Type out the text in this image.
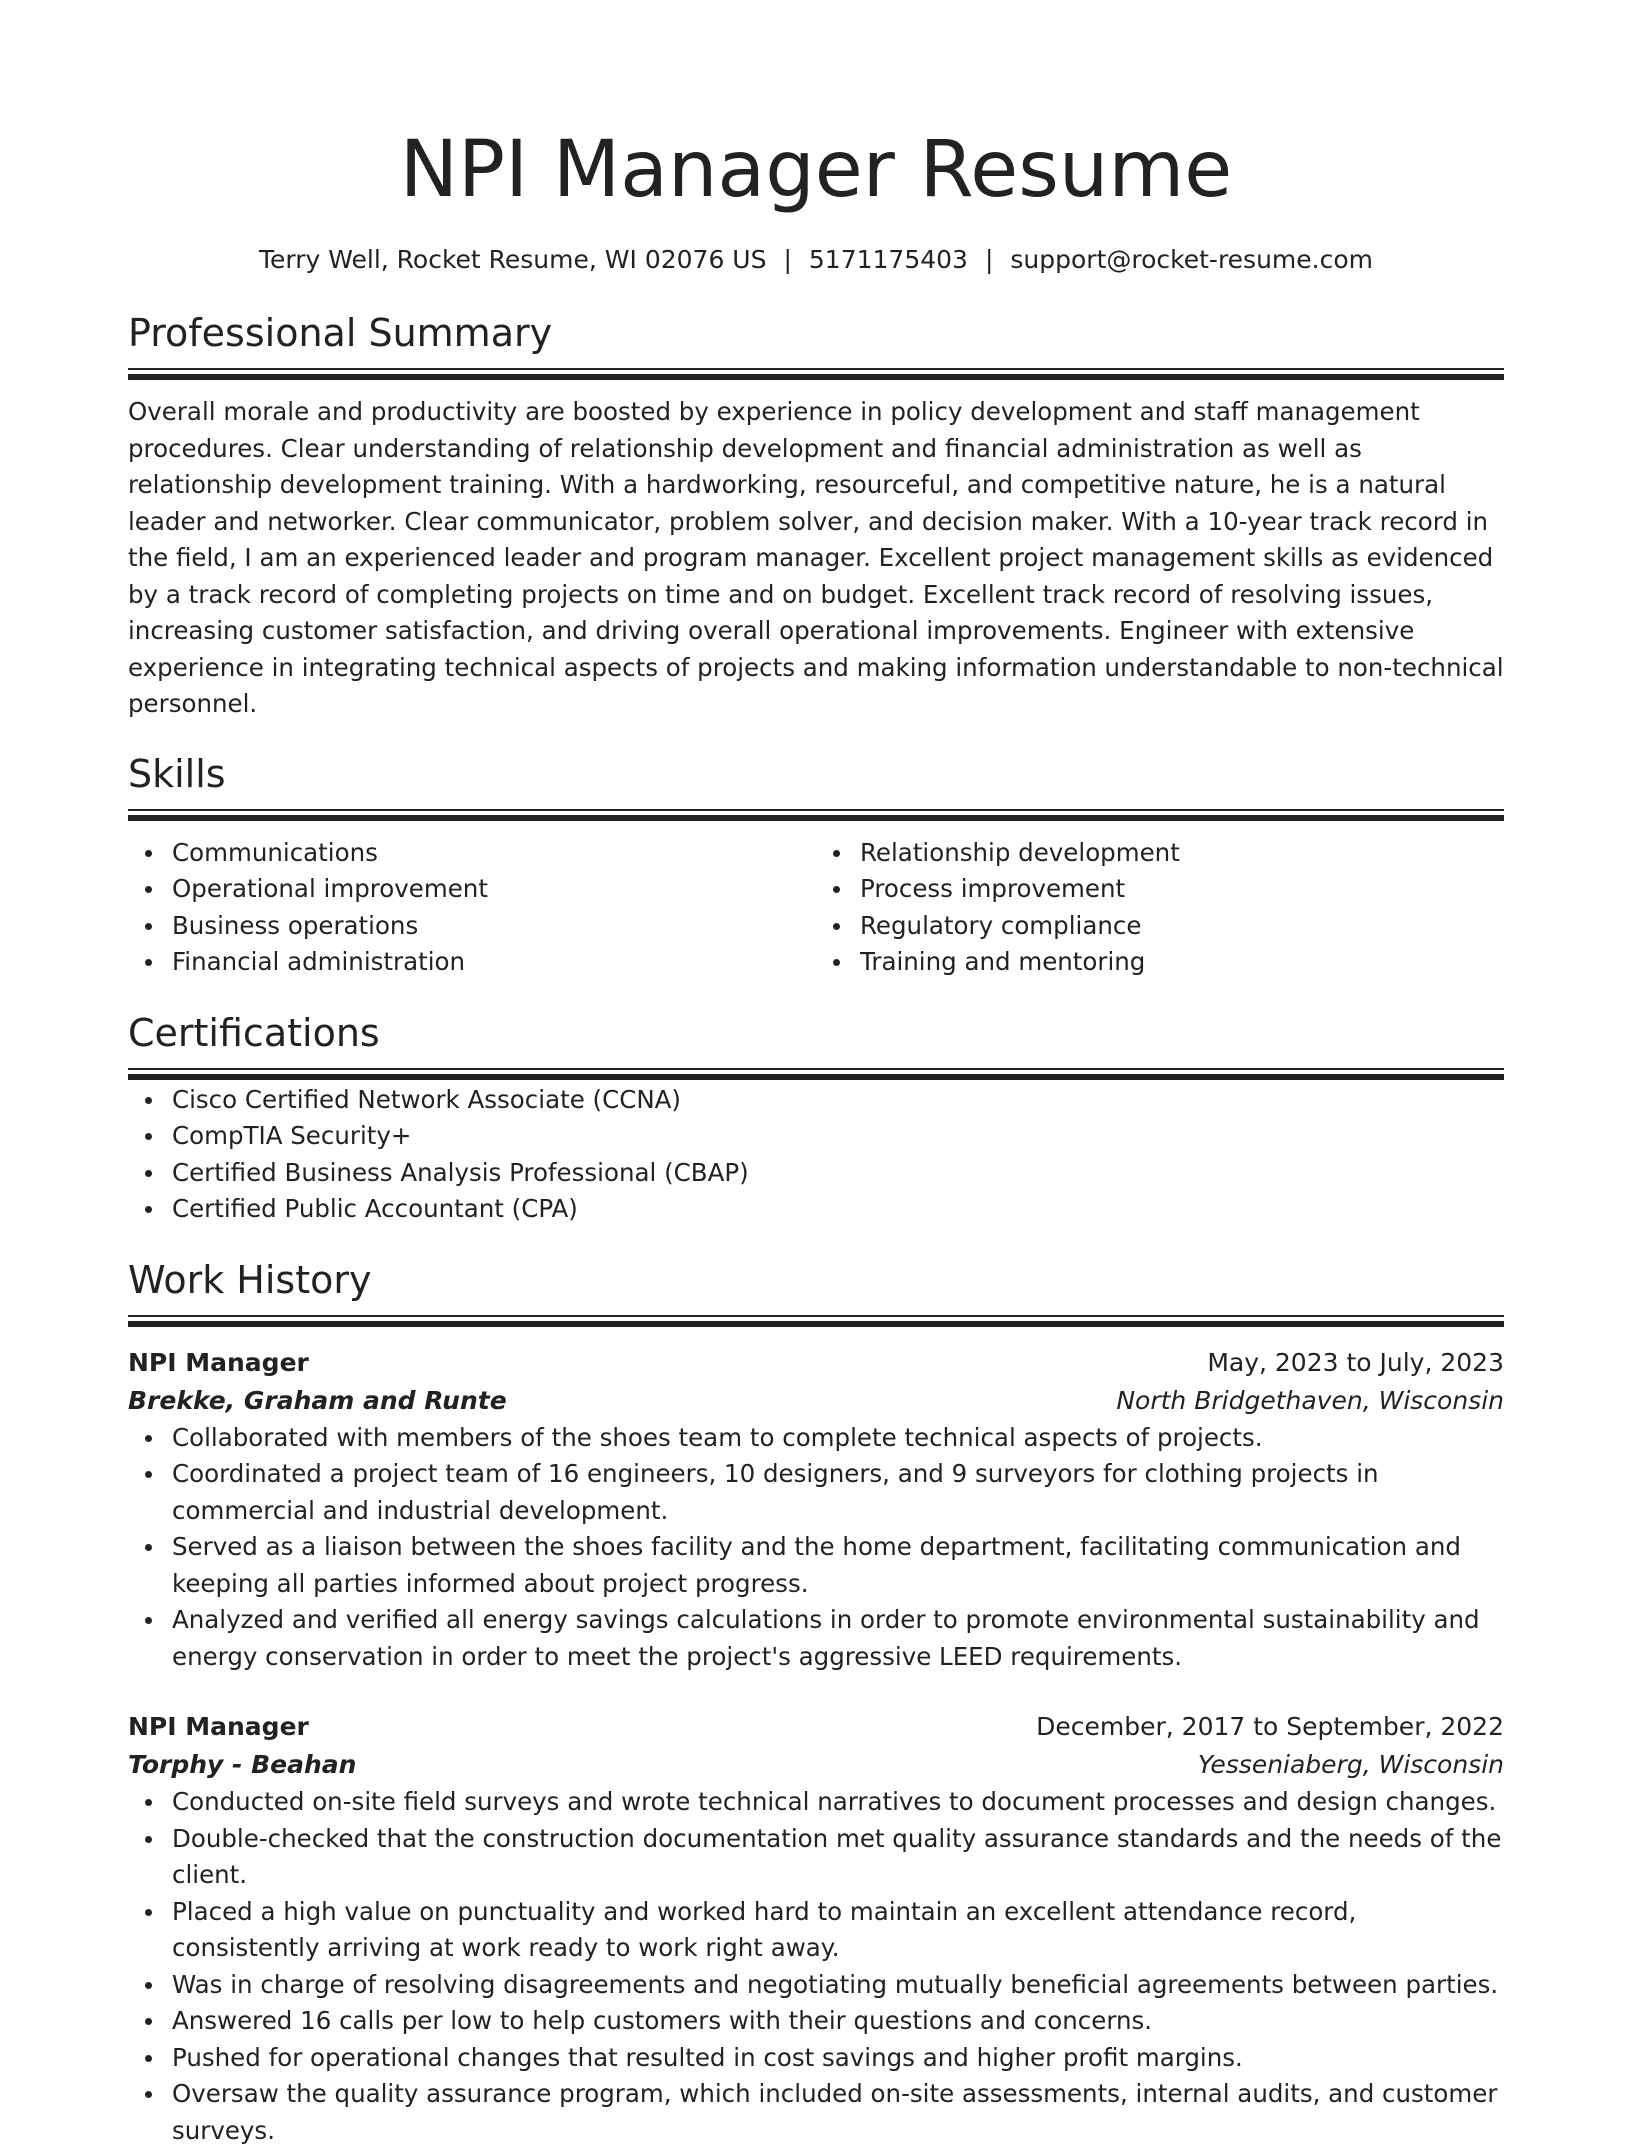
NPI Manager Resume
Terry Well, Rocket Resume, WI 02076 US | 5171175403 | support@rocket-resume.com
Professional Summary

Overall morale and productivity are boosted by experience in policy development and staff management procedures. Clear understanding of relationship development and financial administration as well as relationship development training. With a hardworking, resourceful, and competitive nature, he is a natural leader and networker. Clear communicator, problem solver, and decision maker. With a 10-year track record in the field, I am an experienced leader and program manager. Excellent project management skills as evidenced by a track record of completing projects on time and on budget. Excellent track record of resolving issues, increasing customer satisfaction, and driving overall operational improvements. Engineer with extensive experience in integrating technical aspects of projects and making information understandable to non-technical personnel.

Skills
Communications
Operational improvement
Business operations
Financial administration
Relationship development
Process improvement
Regulatory compliance
Training and mentoring
Certifications
Cisco Certified Network Associate (CCNA)
CompTIA Security+
Certified Business Analysis Professional (CBAP)
Certified Public Accountant (CPA)
Work History
NPI Manager	May, 2023 to July, 2023
Brekke, Graham and Runte	North Bridgethaven, Wisconsin
Collaborated with members of the shoes team to complete technical aspects of projects.
Coordinated a project team of 16 engineers, 10 designers, and 9 surveyors for clothing projects in commercial and industrial development.
Served as a liaison between the shoes facility and the home department, facilitating communication and keeping all parties informed about project progress.
Analyzed and verified all energy savings calculations in order to promote environmental sustainability and energy conservation in order to meet the project's aggressive LEED requirements.
NPI Manager	December, 2017 to September, 2022
Torphy - Beahan	Yesseniaberg, Wisconsin
Conducted on-site field surveys and wrote technical narratives to document processes and design changes.
Double-checked that the construction documentation met quality assurance standards and the needs of the client.
Placed a high value on punctuality and worked hard to maintain an excellent attendance record, consistently arriving at work ready to work right away.
Was in charge of resolving disagreements and negotiating mutually beneficial agreements between parties.
Answered 16 calls per low to help customers with their questions and concerns.
Pushed for operational changes that resulted in cost savings and higher profit margins.
Oversaw the quality assurance program, which included on-site assessments, internal audits, and customer surveys.
